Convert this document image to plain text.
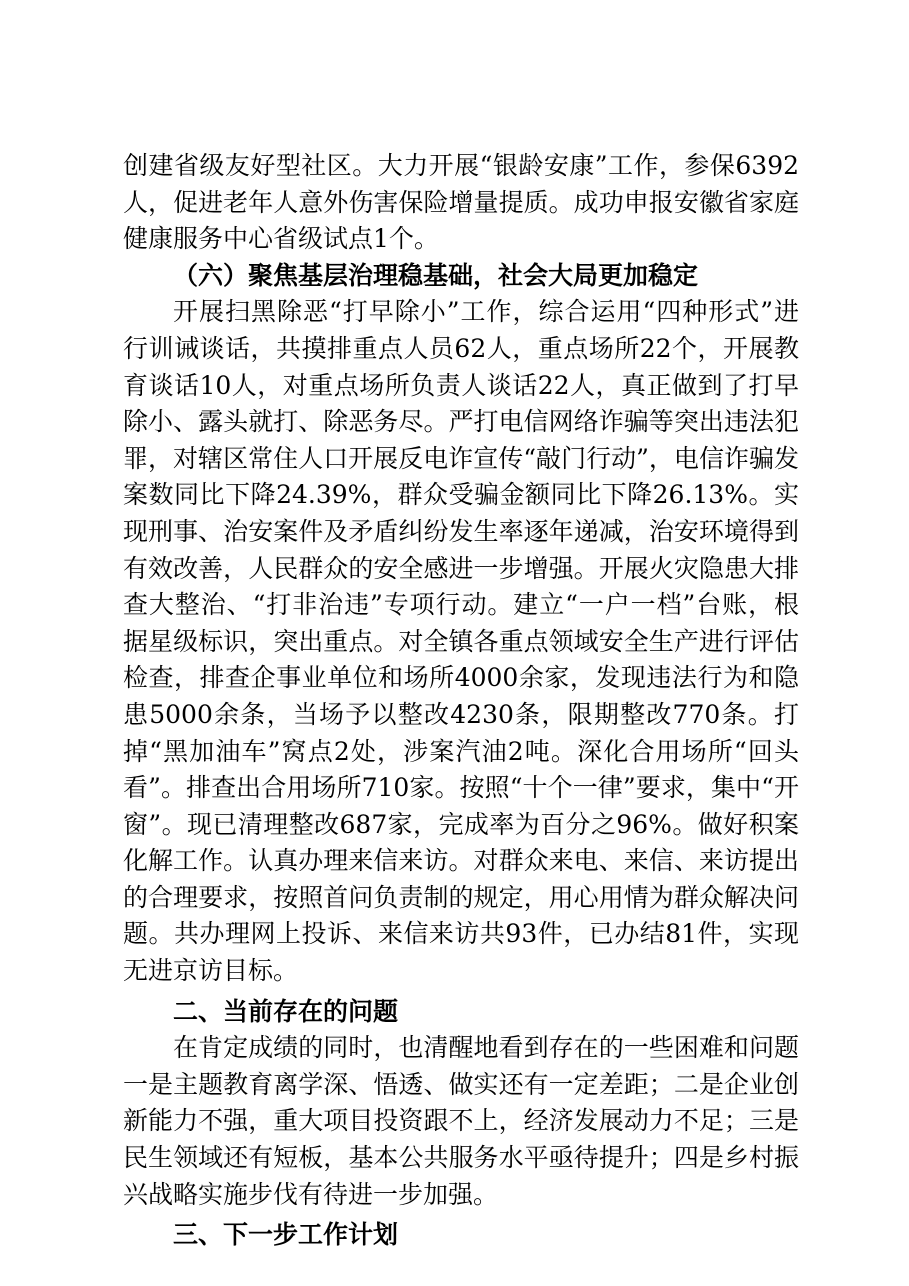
创建省级友好型社区。大力开展“银龄安康”工作，参保6392人，促进老年人意外伤害保险增量提质。成功申报安徽省家庭健康服务中心省级试点1个。

（六）聚焦基层治理稳基础，社会大局更加稳定

开展扫黑除恶“打早除小”工作，综合运用“四种形式”进行训诫谈话，共摸排重点人员62人，重点场所22个，开展教育谈话10人，对重点场所负责人谈话22人，真正做到了打早除小、露头就打、除恶务尽。严打电信网络诈骗等突出违法犯罪，对辖区常住人口开展反电诈宣传“敲门行动”，电信诈骗发案数同比下降24.39%，群众受骗金额同比下降26.13%。实现刑事、治安案件及矛盾纠纷发生率逐年递减，治安环境得到有效改善，人民群众的安全感进一步增强。开展火灾隐患大排查大整治、“打非治违”专项行动。建立“一户一档”台账，根据星级标识，突出重点。对全镇各重点领域安全生产进行评估检查，排查企事业单位和场所4000余家，发现违法行为和隐患5000余条，当场予以整改4230条，限期整改770条。打掉“黑加油车”窝点2处，涉案汽油2吨。深化合用场所“回头看”。排查出合用场所710家。按照“十个一律”要求，集中“开窗”。现已清理整改687家，完成率为百分之96%。做好积案化解工作。认真办理来信来访。对群众来电、来信、来访提出的合理要求，按照首问负责制的规定，用心用情为群众解决问题。共办理网上投诉、来信来访共93件，已办结81件，实现无进京访目标。

二、当前存在的问题

在肯定成绩的同时，也清醒地看到存在的一些困难和问题一是主题教育离学深、悟透、做实还有一定差距；二是企业创新能力不强，重大项目投资跟不上，经济发展动力不足；三是民生领域还有短板，基本公共服务水平亟待提升；四是乡村振兴战略实施步伐有待进一步加强。

三、下一步工作计划
